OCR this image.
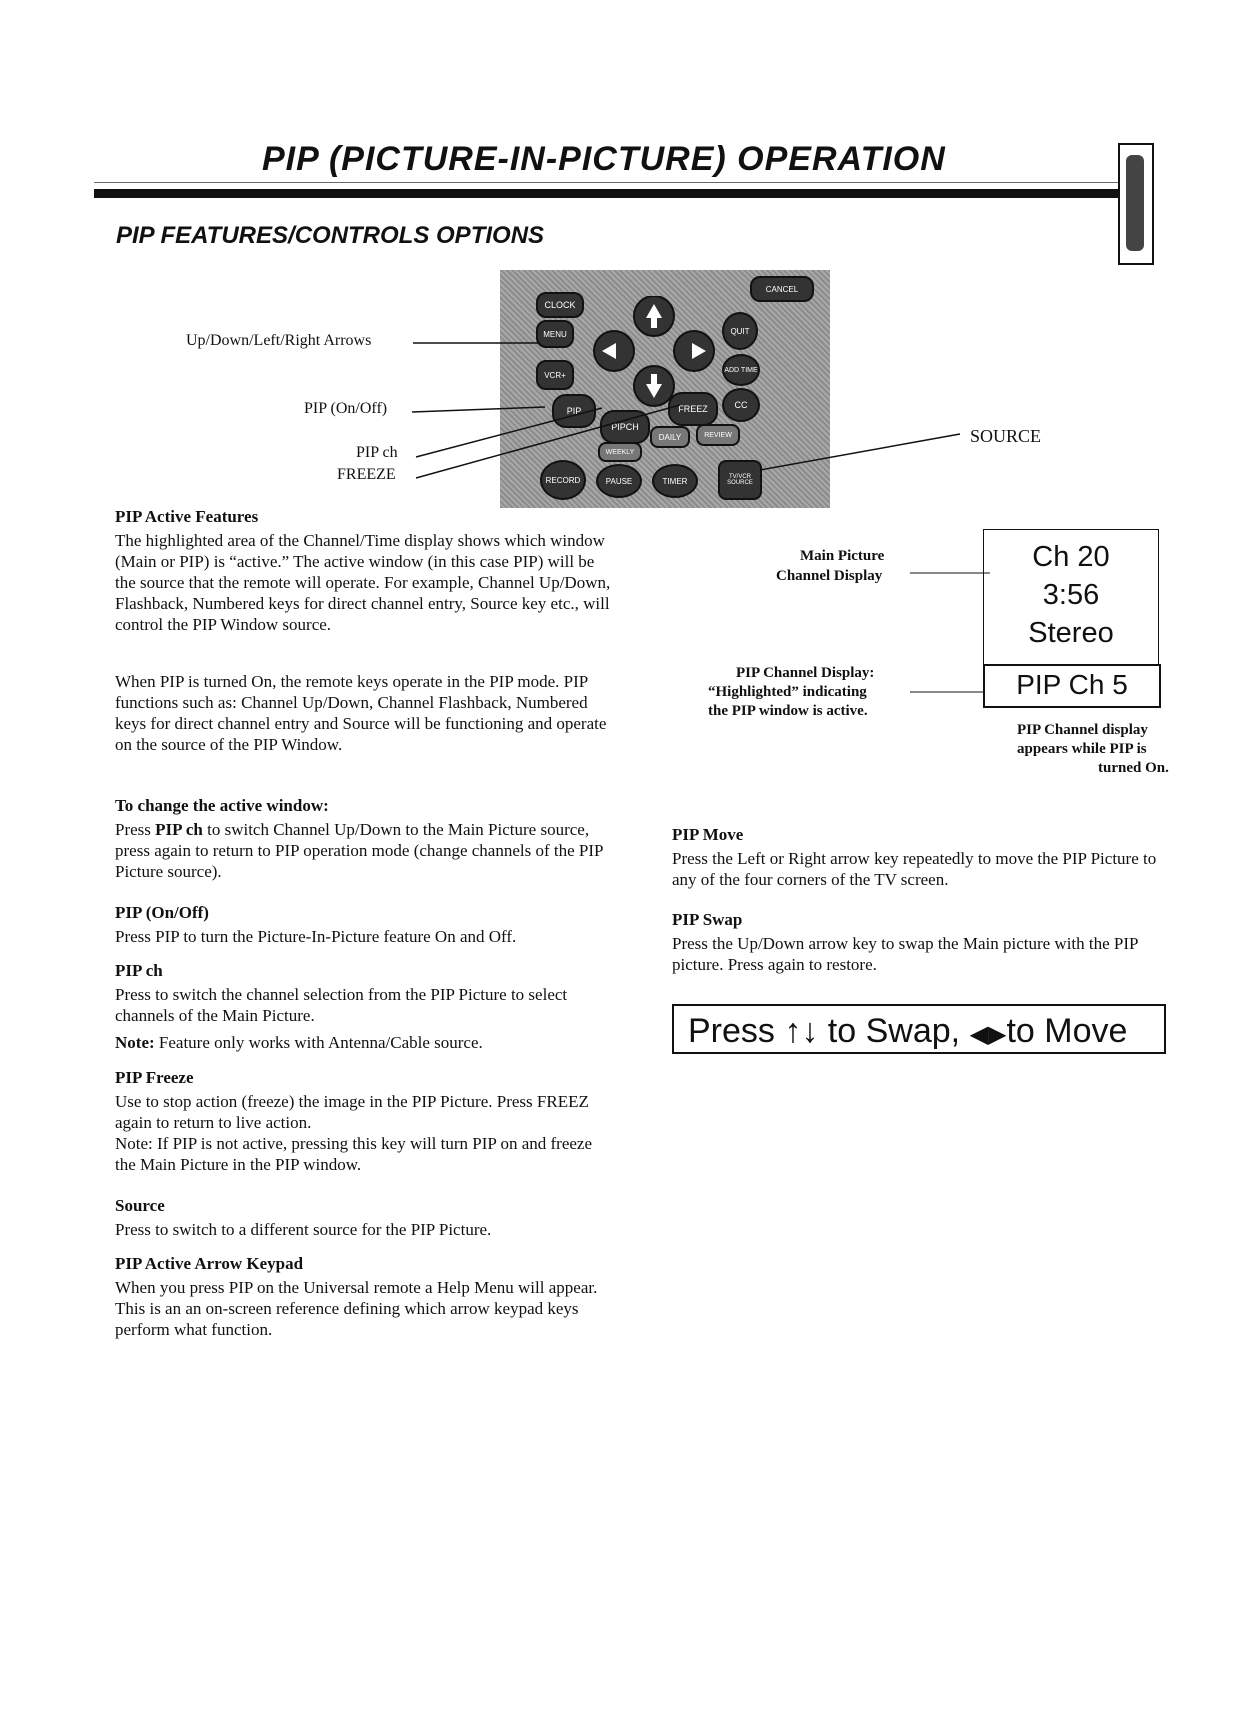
PIP (PICTURE-IN-PICTURE) OPERATION
PIP FEATURES/CONTROLS OPTIONS
CLOCK
MENU
VCR+
PIP
PIPCH
FREEZ	CC
RECORD	PAUSE	TIMER	TV/VCR SOURCE
CANCEL
QUIT
ADD TIME
DAILY
WEEKLY
REVIEW
Up/Down/Left/Right Arrows
PIP (On/Off)
PIP ch
FREEZE
SOURCE
Main Picture
Channel Display
Ch 20
3:56
Stereo
PIP Ch 5
PIP Channel Display:
“Highlighted” indicating
the PIP window is active.
PIP Channel display
appears while PIP is
turned On.
PIP Active Features
The highlighted area of the Channel/Time display shows which window (Main or PIP) is “active.” The active window (in this case PIP) will be the source that the remote will operate. For example, Channel Up/Down, Flashback, Numbered keys for direct channel entry, Source key etc., will control the PIP Window source.
When PIP is turned On, the remote keys operate in the PIP mode. PIP functions such as: Channel Up/Down, Channel Flashback, Numbered keys for direct channel entry and Source will be functioning and operate on the source of the PIP Window.
To change the active window:
Press PIP ch to switch Channel Up/Down to the Main Picture source, press again to return to PIP operation mode (change channels of the PIP Picture source).
PIP (On/Off)
Press PIP to turn the Picture-In-Picture feature On and Off.
PIP ch
Press to switch the channel selection from the PIP Picture to select channels of the Main Picture.
Note: Feature only works with Antenna/Cable source.
PIP Freeze
Use to stop action (freeze) the image in the PIP Picture. Press FREEZ again to return to live action.
Note: If PIP is not active, pressing this key will turn PIP on and freeze the Main Picture in the PIP window.
Source
Press to switch to a different source for the PIP Picture.
PIP Active Arrow Keypad
When you press PIP on the Universal remote a Help Menu will appear. This is an an on-screen reference defining which arrow keypad keys perform what function.
PIP Move
Press the Left or Right arrow key repeatedly to move the PIP Picture to any of the four corners of the TV screen.
PIP Swap
Press the Up/Down arrow key to swap the Main picture with the PIP picture. Press again to restore.
Press ↑↓ to Swap, ◀▶to Move
